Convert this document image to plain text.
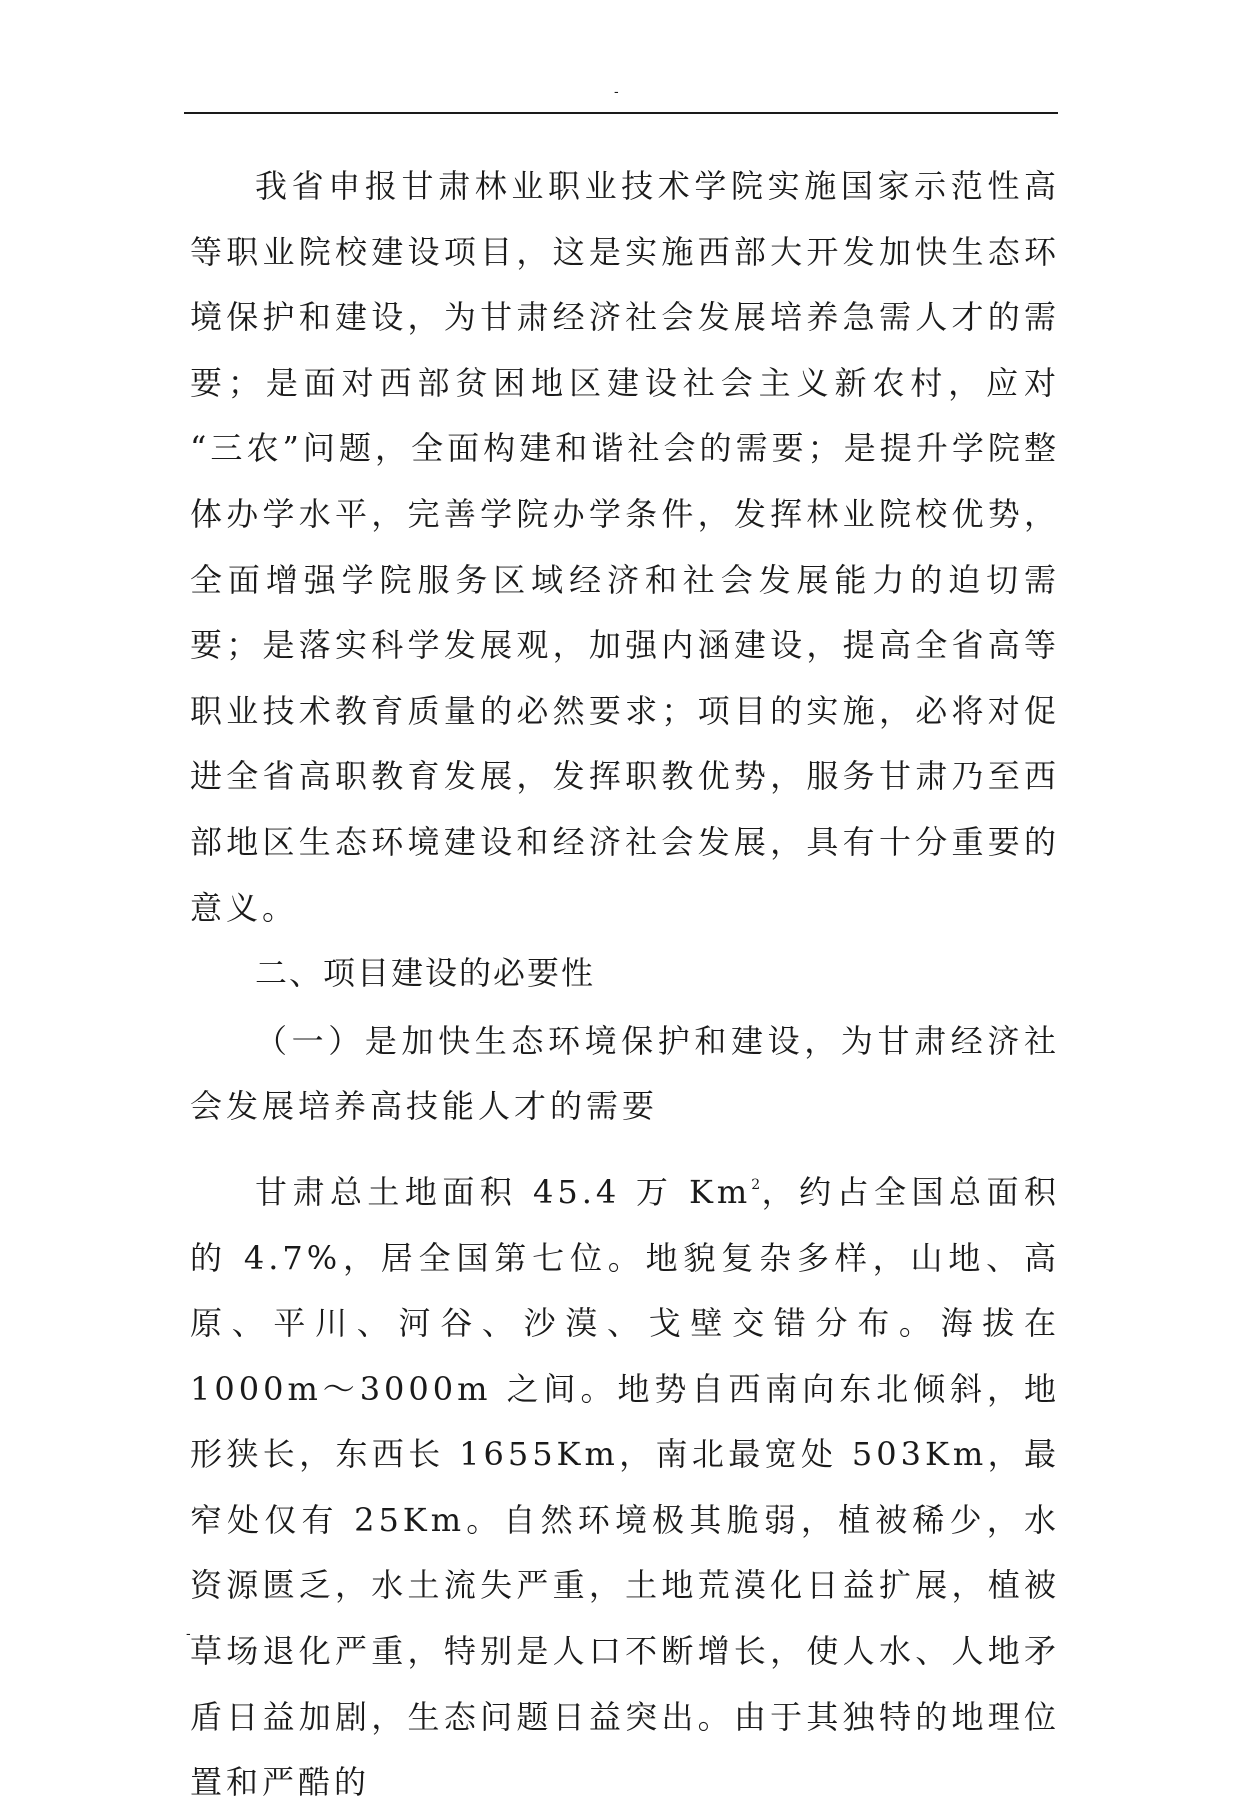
-

我省申报甘肃林业职业技术学院实施国家示范性高等职业院校建设项目，这是实施西部大开发加快生态环境保护和建设，为甘肃经济社会发展培养急需人才的需要；是面对西部贫困地区建设社会主义新农村，应对 “三农”问题，全面构建和谐社会的需要；是提升学院整体办学水平，完善学院办学条件，发挥林业院校优势，全面增强学院服务区域经济和社会发展能力的迫切需要；是落实科学发展观，加强内涵建设，提高全省高等职业技术教育质量的必然要求；项目的实施，必将对促进全省高职教育发展，发挥职教优势，服务甘肃乃至西部地区生态环境建设和经济社会发展，具有十分重要的意义。

二、项目建设的必要性

（一）是加快生态环境保护和建设，为甘肃经济社会发展培养高技能人才的需要

甘肃总土地面积 45.4 万 Km$^2$，约占全国总面积的 4.7%，居全国第七位。地貌复杂多样，山地、高原、平川、河谷、沙漠、戈壁交错分布。海拔在 1000m～3000m 之间。地势自西南向东北倾斜，地形狭长，东西长 1655Km，南北最宽处 503Km，最窄处仅有 25Km。自然环境极其脆弱，植被稀少，水资源匮乏，水土流失严重，土地荒漠化日益扩展，植被草场退化严重，特别是人口不断增长，使人水、人地矛盾日益加剧，生态问题日益突出。由于其独特的地理位置和严酷的

-
